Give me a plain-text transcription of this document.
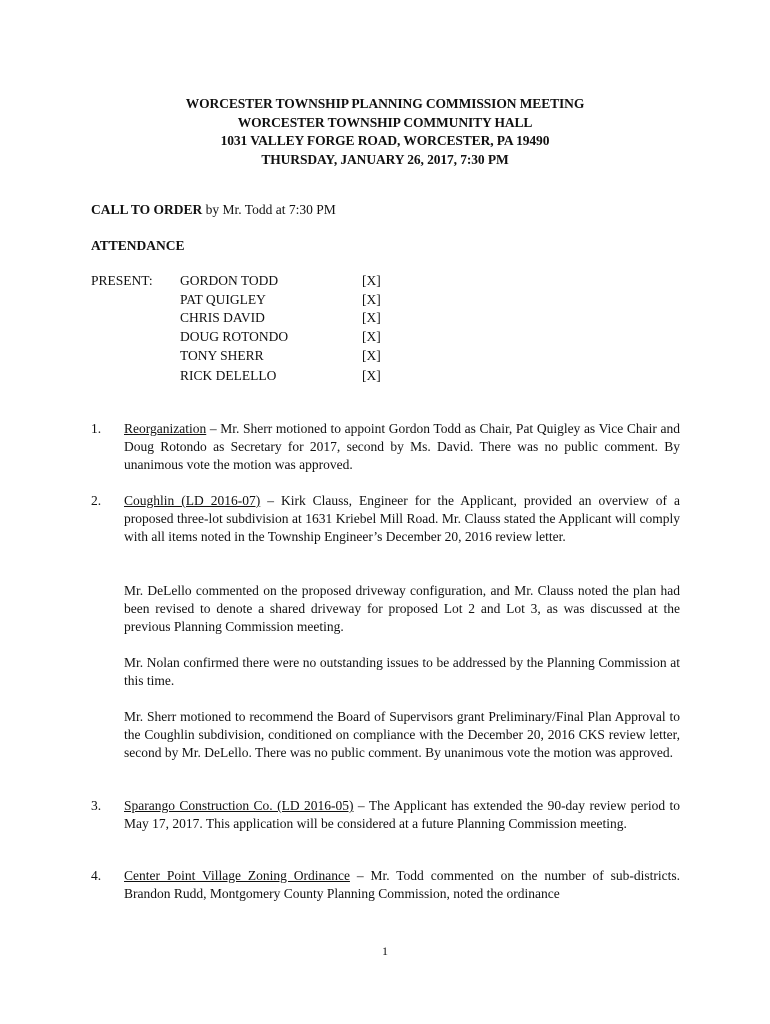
WORCESTER TOWNSHIP PLANNING COMMISSION MEETING
WORCESTER TOWNSHIP COMMUNITY HALL
1031 VALLEY FORGE ROAD, WORCESTER, PA 19490
THURSDAY, JANUARY 26, 2017, 7:30 PM
CALL TO ORDER by Mr. Todd at 7:30 PM
ATTENDANCE
PRESENT: GORDON TODD	[X]
PAT QUIGLEY	[X]
CHRIS DAVID	[X]
DOUG ROTONDO	[X]
TONY SHERR	[X]
RICK DELELLO	[X]
1. Reorganization – Mr. Sherr motioned to appoint Gordon Todd as Chair, Pat Quigley as Vice Chair and Doug Rotondo as Secretary for 2017, second by Ms. David. There was no public comment. By unanimous vote the motion was approved.
2. Coughlin (LD 2016-07) – Kirk Clauss, Engineer for the Applicant, provided an overview of a proposed three-lot subdivision at 1631 Kriebel Mill Road. Mr. Clauss stated the Applicant will comply with all items noted in the Township Engineer’s December 20, 2016 review letter.
Mr. DeLello commented on the proposed driveway configuration, and Mr. Clauss noted the plan had been revised to denote a shared driveway for proposed Lot 2 and Lot 3, as was discussed at the previous Planning Commission meeting.
Mr. Nolan confirmed there were no outstanding issues to be addressed by the Planning Commission at this time.
Mr. Sherr motioned to recommend the Board of Supervisors grant Preliminary/Final Plan Approval to the Coughlin subdivision, conditioned on compliance with the December 20, 2016 CKS review letter, second by Mr. DeLello. There was no public comment. By unanimous vote the motion was approved.
3. Sparango Construction Co. (LD 2016-05) – The Applicant has extended the 90-day review period to May 17, 2017. This application will be considered at a future Planning Commission meeting.
4. Center Point Village Zoning Ordinance – Mr. Todd commented on the number of sub-districts. Brandon Rudd, Montgomery County Planning Commission, noted the ordinance
1
